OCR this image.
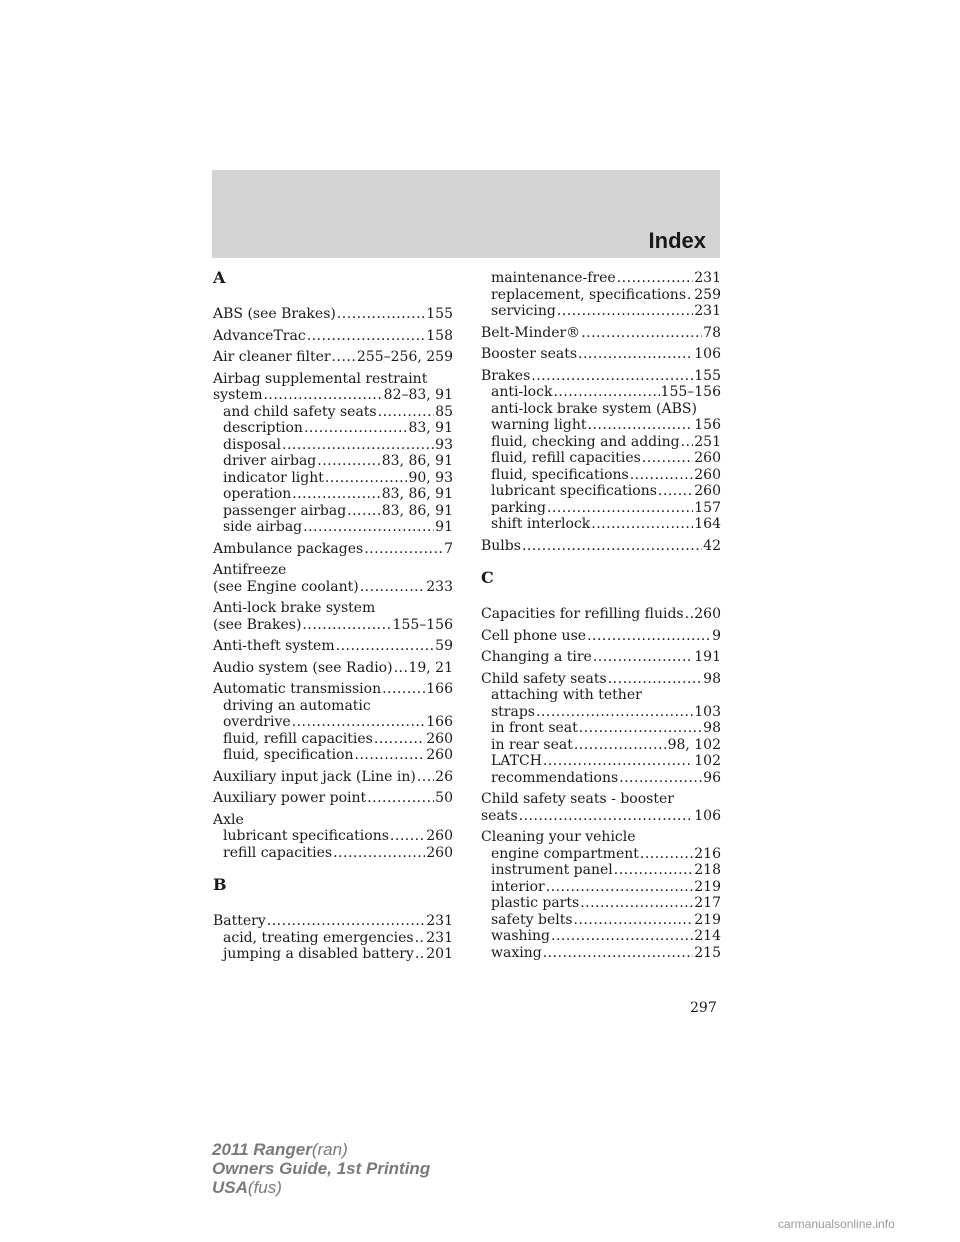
Index
A
ABS (see Brakes) .....	155
AdvanceTrac .....	158
Air cleaner filter ..... 255–256, 259
Airbag supplemental restraint
system .....	82–83, 91
and child safety seats .....	85
description .....	83, 91
disposal .....	93
driver airbag .....	83, 86, 91
indicator light .....	90, 93
operation .....	83, 86, 91
passenger airbag .....	83, 86, 91
side airbag .....	91
Ambulance packages .....	7
Antifreeze
(see Engine coolant) .....	233
Anti-lock brake system
(see Brakes) .....	155–156
Anti-theft system .....	59
Audio system (see Radio) ..... 19, 21
Automatic transmission .....	166
driving an automatic
overdrive .....	166
fluid, refill capacities .....	260
fluid, specification .....	260
Auxiliary input jack (Line in) ..... 26
Auxiliary power point .....	50
Axle
lubricant specifications .....	260
refill capacities .....	260
B
Battery .....	231
acid, treating emergencies ..... 231
jumping a disabled battery ..... 201
maintenance-free .....	231
replacement, specifications ..... 259
servicing .....	231
Belt-Minder® .....	78
Booster seats .....	106
Brakes .....	155
anti-lock .....	155–156
anti-lock brake system (ABS)
warning light .....	156
fluid, checking and adding ..... 251
fluid, refill capacities .....	260
fluid, specifications .....	260
lubricant specifications .....	260
parking .....	157
shift interlock .....	164
Bulbs .....	42
C
Capacities for refilling fluids ..... 260
Cell phone use .....	9
Changing a tire .....	191
Child safety seats .....	98
attaching with tether
straps .....	103
in front seat .....	98
in rear seat .....	98, 102
LATCH .....	102
recommendations .....	96
Child safety seats - booster
seats .....	106
Cleaning your vehicle
engine compartment .....	216
instrument panel .....	218
interior .....	219
plastic parts .....	217
safety belts .....	219
washing .....	214
waxing .....	215
297
2011 Ranger(ran)
Owners Guide, 1st Printing
USA(fus)
carmanualsonline.info
